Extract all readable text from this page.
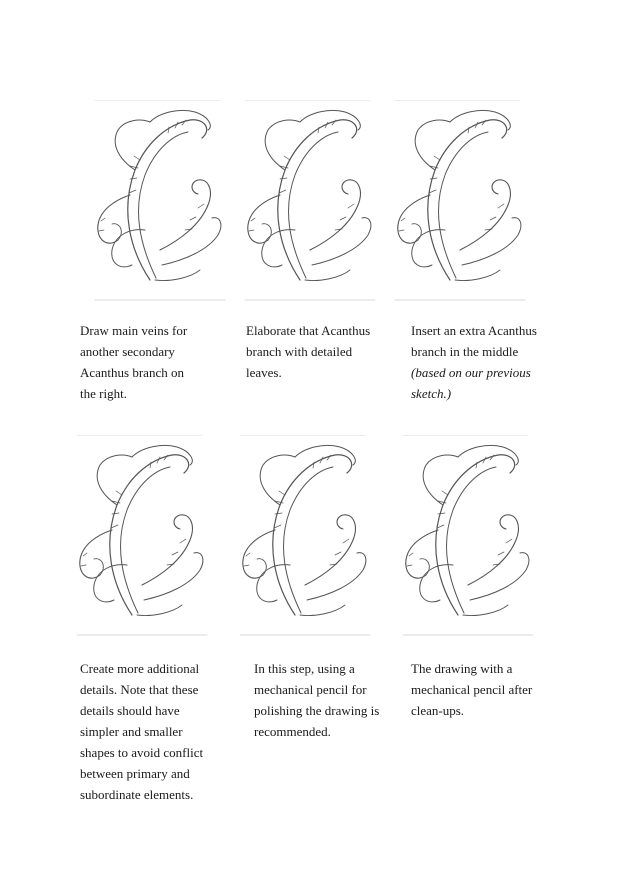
Draw main veins for
another secondary
Acanthus branch on
the right.
Elaborate that Acanthus
branch with detailed
leaves.
Insert an extra Acanthus
branch in the middle
(based on our previous
sketch.)
Create more additional
details. Note that these
details should have
simpler and smaller
shapes to avoid conflict
between primary and
subordinate elements.
In this step, using a
mechanical pencil for
polishing the drawing is
recommended.
The drawing with a
mechanical pencil after
clean-ups.
